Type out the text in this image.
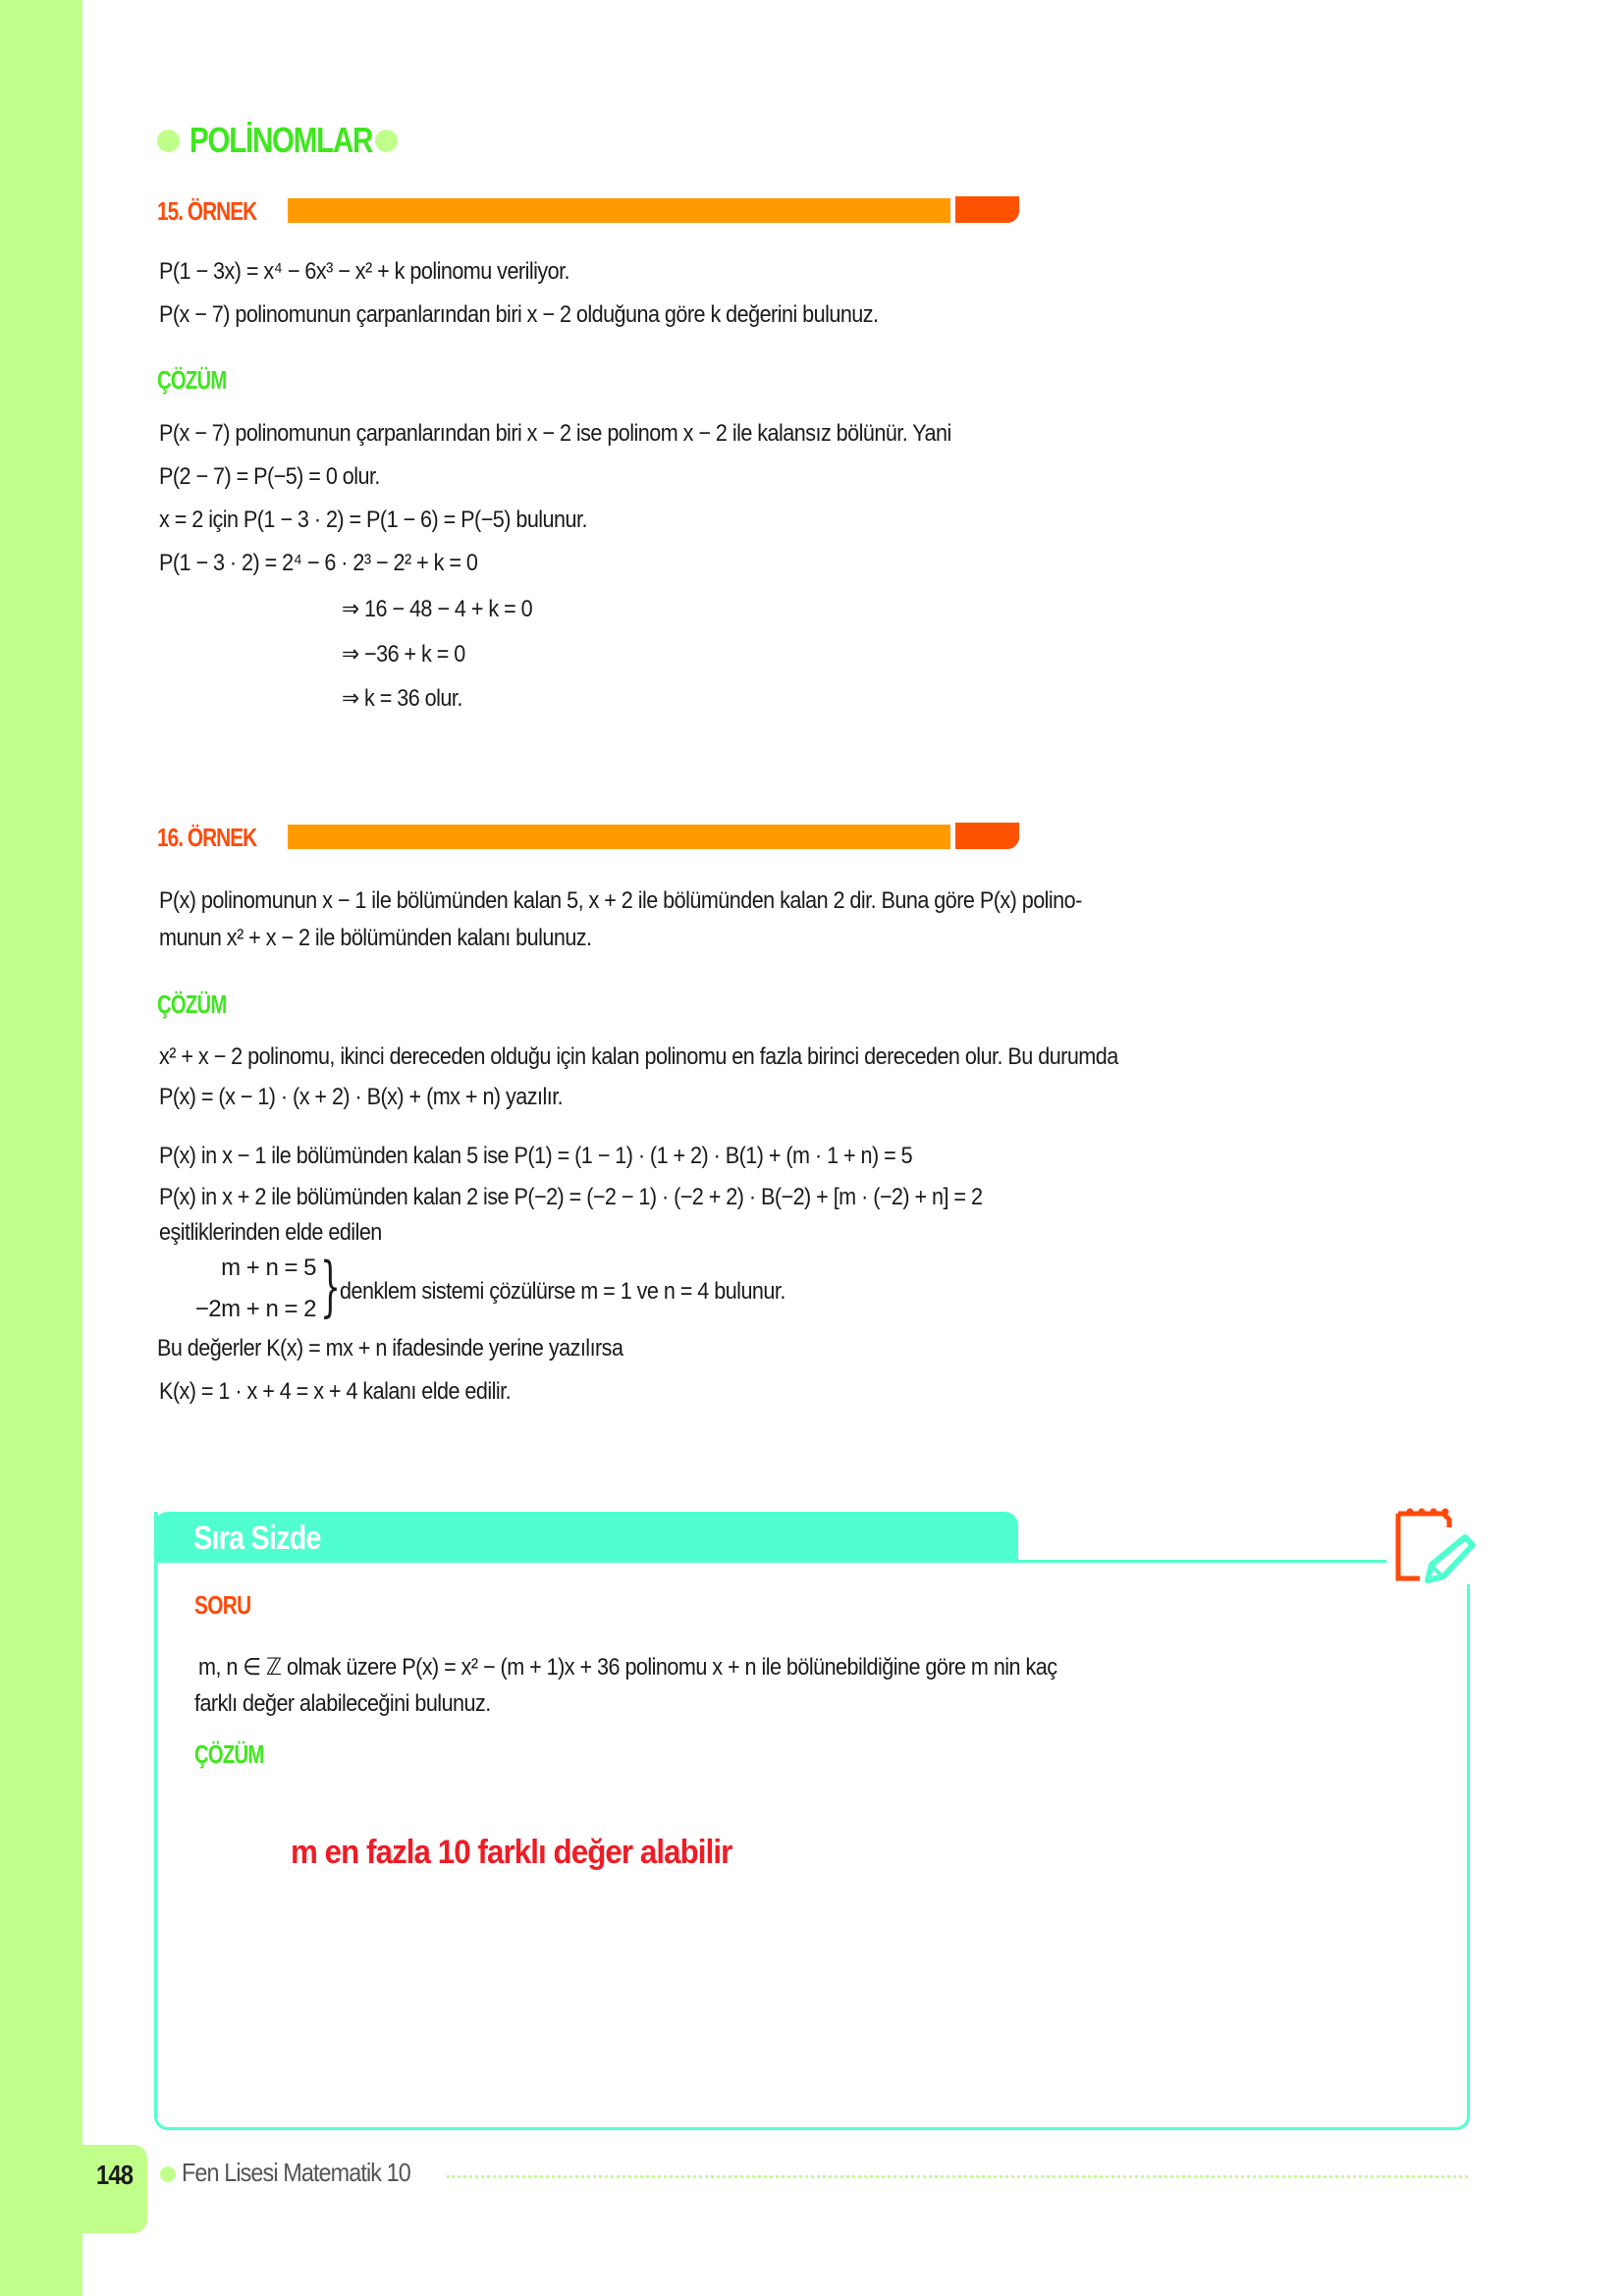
POLİNOMLAR
15. ÖRNEK
P(1 − 3x) = x⁴ − 6x³ − x² + k polinomu veriliyor.
P(x − 7) polinomunun çarpanlarından biri x − 2 olduğuna göre k değerini bulunuz.
ÇÖZÜM
P(x − 7) polinomunun çarpanlarından biri x − 2 ise polinom x − 2 ile kalansız bölünür. Yani
P(2 − 7) = P(−5) = 0 olur.
x = 2 için P(1 − 3 · 2) = P(1 − 6) = P(−5) bulunur.
P(1 − 3 · 2) = 2⁴ − 6 · 2³ − 2² + k = 0
⇒ 16 − 48 − 4 + k = 0
⇒ −36 + k = 0
⇒ k = 36 olur.
16. ÖRNEK
P(x) polinomunun x − 1 ile bölümünden kalan 5, x + 2 ile bölümünden kalan 2 dir. Buna göre P(x) polino-
munun x² + x − 2 ile bölümünden kalanı bulunuz.
ÇÖZÜM
x² + x − 2 polinomu, ikinci dereceden olduğu için kalan polinomu en fazla birinci dereceden olur. Bu durumda
P(x) = (x − 1) · (x + 2) · B(x) + (mx + n) yazılır.
P(x) in x − 1 ile bölümünden kalan 5 ise P(1) = (1 − 1) · (1 + 2) · B(1) + (m · 1 + n) = 5
P(x) in x + 2 ile bölümünden kalan 2 ise P(−2) = (−2 − 1) · (−2 + 2) · B(−2) + [m · (−2) + n] = 2
eşitliklerinden elde edilen
m + n = 5
−2m + n = 2 } denklem sistemi çözülürse m = 1 ve n = 4 bulunur.
Bu değerler K(x) = mx + n ifadesinde yerine yazılırsa
K(x) = 1 · x + 4 = x + 4 kalanı elde edilir.
Sıra Sizde
SORU
m, n ∈ ℤ olmak üzere P(x) = x² − (m + 1)x + 36 polinomu x + n ile bölünebildiğine göre m nin kaç
farklı değer alabileceğini bulunuz.
ÇÖZÜM
m en fazla 10 farklı değer alabilir
148 Fen Lisesi Matematik 10
